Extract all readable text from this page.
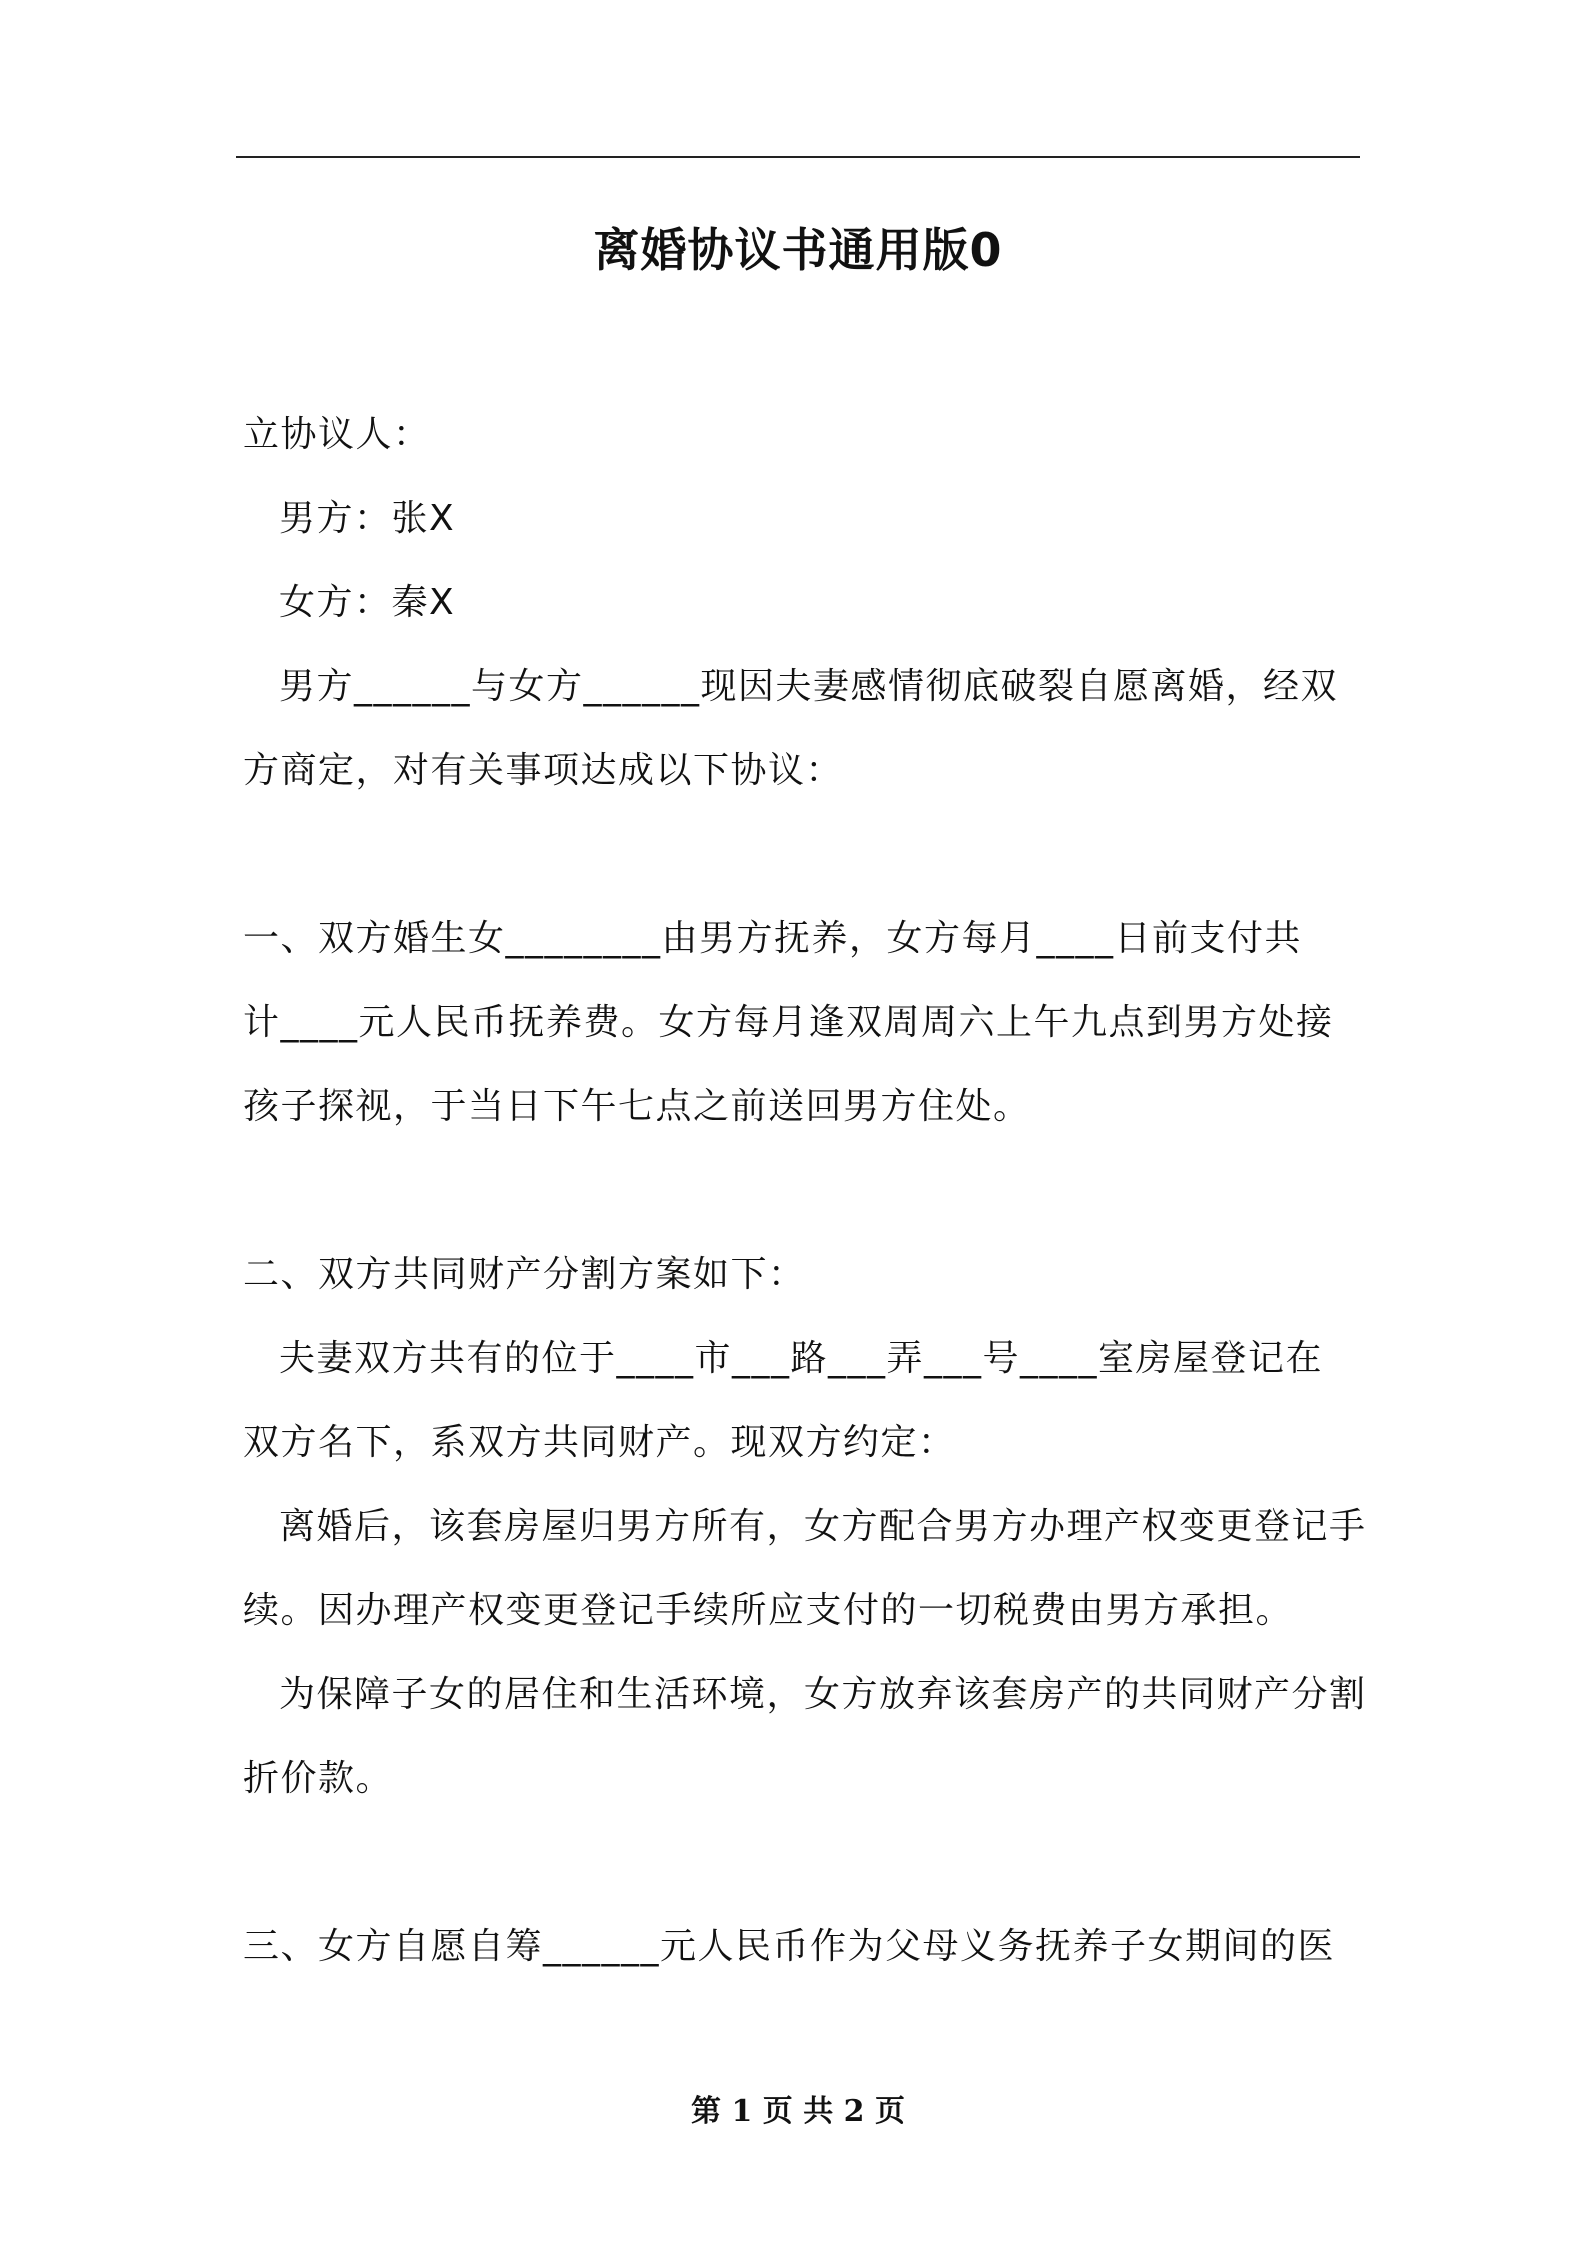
离婚协议书通用版0
立协议人：
男方：张X
女方：秦X
男方______与女方______现因夫妻感情彻底破裂自愿离婚，经双
方商定，对有关事项达成以下协议：
一、双方婚生女________由男方抚养，女方每月____日前支付共
计____元人民币抚养费。女方每月逢双周周六上午九点到男方处接
孩子探视，于当日下午七点之前送回男方住处。
二、双方共同财产分割方案如下：
夫妻双方共有的位于____市___路___弄___号____室房屋登记在
双方名下，系双方共同财产。现双方约定：
离婚后，该套房屋归男方所有，女方配合男方办理产权变更登记手
续。因办理产权变更登记手续所应支付的一切税费由男方承担。
为保障子女的居住和生活环境，女方放弃该套房产的共同财产分割
折价款。
三、女方自愿自筹______元人民币作为父母义务抚养子女期间的医
第 1 页 共 2 页
